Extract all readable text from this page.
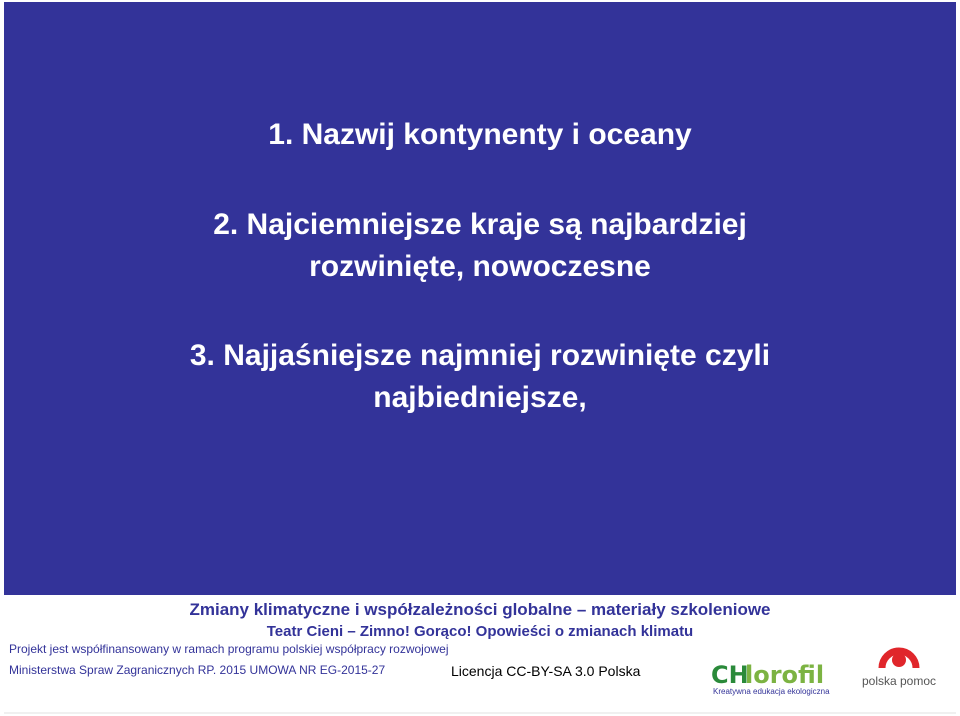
1. Nazwij kontynenty i oceany
2. Najciemniejsze kraje są najbardziej
rozwinięte, nowoczesne
3. Najjaśniejsze najmniej rozwinięte czyli
najbiedniejsze,
Zmiany klimatyczne i współzależności globalne – materiały szkoleniowe
Teatr Cieni – Zimno! Gorąco! Opowieści o zmianach klimatu
Projekt jest współfinansowany w ramach programu polskiej współpracy rozwojowej
Ministerstwa Spraw Zagranicznych RP. 2015 UMOWA NR EG-2015-27	Licencja CC-BY-SA 3.0 Polska	CH
lorofil
Kreatywna edukacja ekologiczna
polska pomoc
